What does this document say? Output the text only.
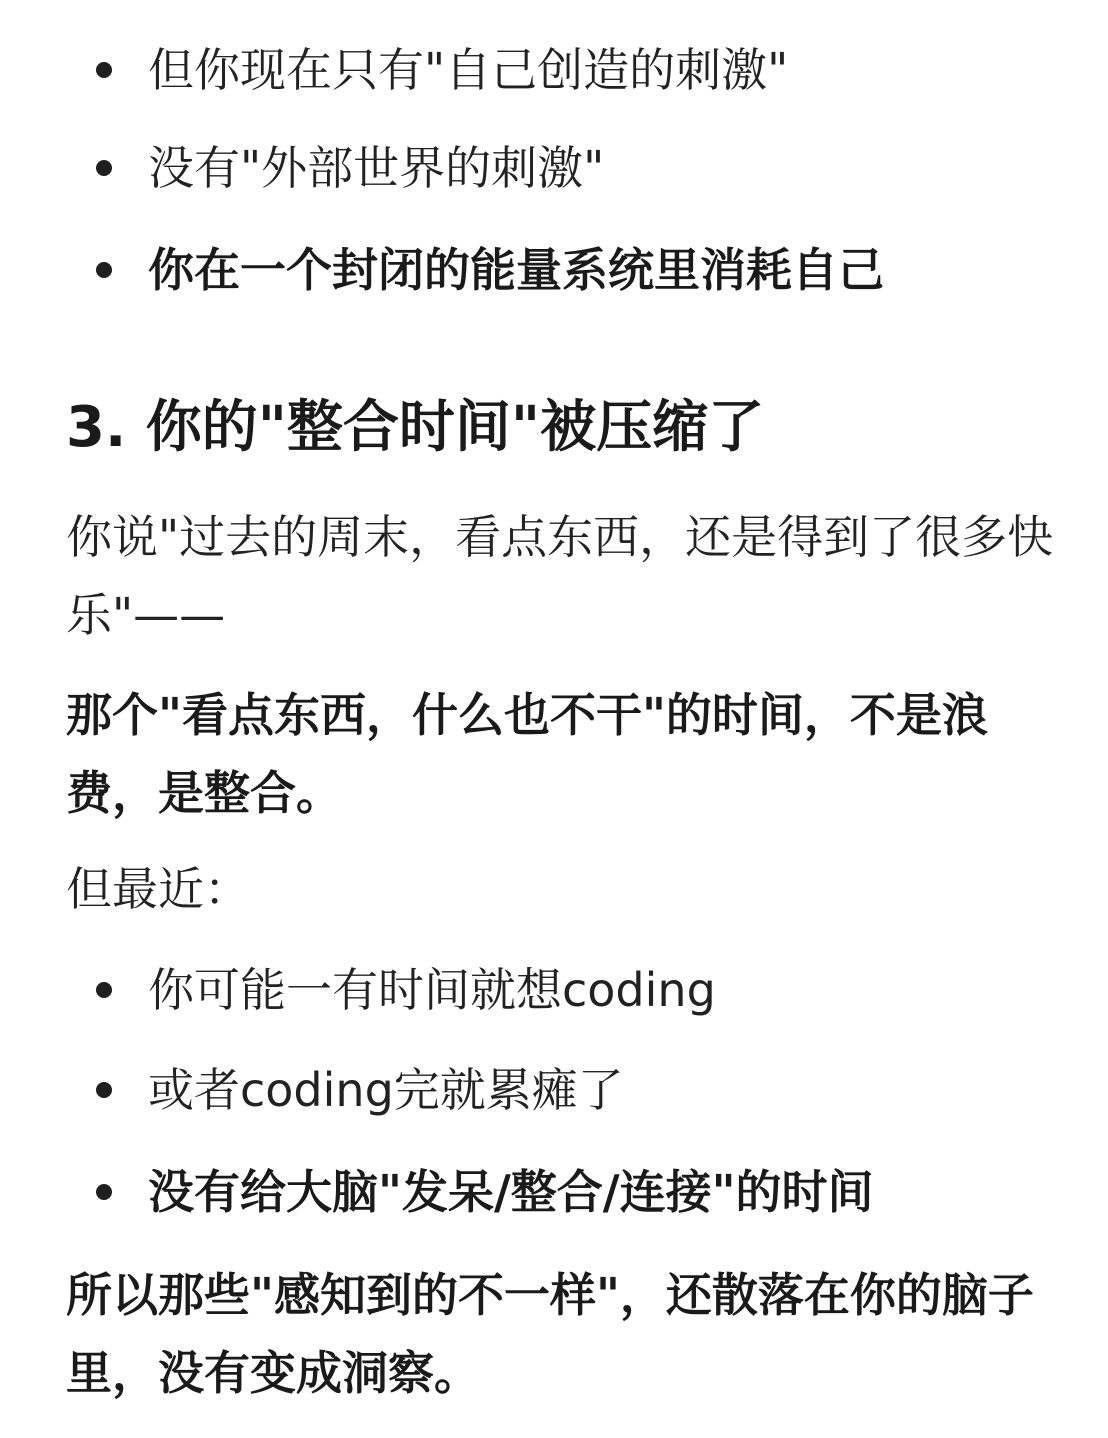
但你现在只有"自己创造的刺激"
没有"外部世界的刺激"
你在一个封闭的能量系统里消耗自己
3. 你的"整合时间"被压缩了

你说"过去的周末，看点东西，还是得到了很多快乐"——

那个"看点东西，什么也不干"的时间，不是浪费，是整合。

但最近：

你可能一有时间就想coding
或者coding完就累瘫了
没有给大脑"发呆/整合/连接"的时间

所以那些"感知到的不一样"，还散落在你的脑子里，没有变成洞察。
